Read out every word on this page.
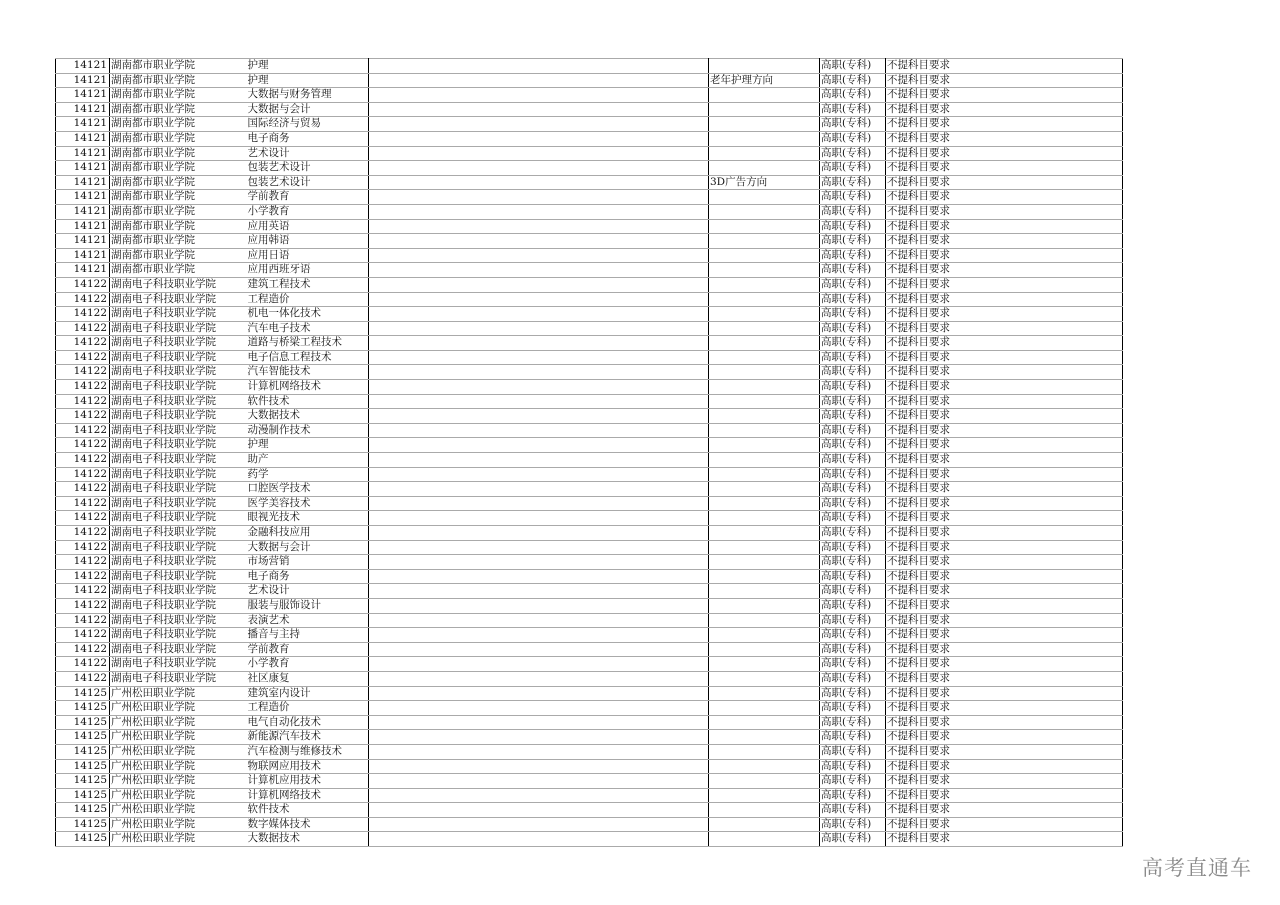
14121	湖南都市职业学院	护理			高职(专科)	不提科目要求
14121	湖南都市职业学院	护理		老年护理方向	高职(专科)	不提科目要求
14121	湖南都市职业学院	大数据与财务管理			高职(专科)	不提科目要求
14121	湖南都市职业学院	大数据与会计			高职(专科)	不提科目要求
14121	湖南都市职业学院	国际经济与贸易			高职(专科)	不提科目要求
14121	湖南都市职业学院	电子商务			高职(专科)	不提科目要求
14121	湖南都市职业学院	艺术设计			高职(专科)	不提科目要求
14121	湖南都市职业学院	包装艺术设计			高职(专科)	不提科目要求
14121	湖南都市职业学院	包装艺术设计		3D广告方向	高职(专科)	不提科目要求
14121	湖南都市职业学院	学前教育			高职(专科)	不提科目要求
14121	湖南都市职业学院	小学教育			高职(专科)	不提科目要求
14121	湖南都市职业学院	应用英语			高职(专科)	不提科目要求
14121	湖南都市职业学院	应用韩语			高职(专科)	不提科目要求
14121	湖南都市职业学院	应用日语			高职(专科)	不提科目要求
14121	湖南都市职业学院	应用西班牙语			高职(专科)	不提科目要求
14122	湖南电子科技职业学院	建筑工程技术			高职(专科)	不提科目要求
14122	湖南电子科技职业学院	工程造价			高职(专科)	不提科目要求
14122	湖南电子科技职业学院	机电一体化技术			高职(专科)	不提科目要求
14122	湖南电子科技职业学院	汽车电子技术			高职(专科)	不提科目要求
14122	湖南电子科技职业学院	道路与桥梁工程技术			高职(专科)	不提科目要求
14122	湖南电子科技职业学院	电子信息工程技术			高职(专科)	不提科目要求
14122	湖南电子科技职业学院	汽车智能技术			高职(专科)	不提科目要求
14122	湖南电子科技职业学院	计算机网络技术			高职(专科)	不提科目要求
14122	湖南电子科技职业学院	软件技术			高职(专科)	不提科目要求
14122	湖南电子科技职业学院	大数据技术			高职(专科)	不提科目要求
14122	湖南电子科技职业学院	动漫制作技术			高职(专科)	不提科目要求
14122	湖南电子科技职业学院	护理			高职(专科)	不提科目要求
14122	湖南电子科技职业学院	助产			高职(专科)	不提科目要求
14122	湖南电子科技职业学院	药学			高职(专科)	不提科目要求
14122	湖南电子科技职业学院	口腔医学技术			高职(专科)	不提科目要求
14122	湖南电子科技职业学院	医学美容技术			高职(专科)	不提科目要求
14122	湖南电子科技职业学院	眼视光技术			高职(专科)	不提科目要求
14122	湖南电子科技职业学院	金融科技应用			高职(专科)	不提科目要求
14122	湖南电子科技职业学院	大数据与会计			高职(专科)	不提科目要求
14122	湖南电子科技职业学院	市场营销			高职(专科)	不提科目要求
14122	湖南电子科技职业学院	电子商务			高职(专科)	不提科目要求
14122	湖南电子科技职业学院	艺术设计			高职(专科)	不提科目要求
14122	湖南电子科技职业学院	服装与服饰设计			高职(专科)	不提科目要求
14122	湖南电子科技职业学院	表演艺术			高职(专科)	不提科目要求
14122	湖南电子科技职业学院	播音与主持			高职(专科)	不提科目要求
14122	湖南电子科技职业学院	学前教育			高职(专科)	不提科目要求
14122	湖南电子科技职业学院	小学教育			高职(专科)	不提科目要求
14122	湖南电子科技职业学院	社区康复			高职(专科)	不提科目要求
14125	广州松田职业学院	建筑室内设计			高职(专科)	不提科目要求
14125	广州松田职业学院	工程造价			高职(专科)	不提科目要求
14125	广州松田职业学院	电气自动化技术			高职(专科)	不提科目要求
14125	广州松田职业学院	新能源汽车技术			高职(专科)	不提科目要求
14125	广州松田职业学院	汽车检测与维修技术			高职(专科)	不提科目要求
14125	广州松田职业学院	物联网应用技术			高职(专科)	不提科目要求
14125	广州松田职业学院	计算机应用技术			高职(专科)	不提科目要求
14125	广州松田职业学院	计算机网络技术			高职(专科)	不提科目要求
14125	广州松田职业学院	软件技术			高职(专科)	不提科目要求
14125	广州松田职业学院	数字媒体技术			高职(专科)	不提科目要求
14125	广州松田职业学院	大数据技术			高职(专科)	不提科目要求
高考直通车
